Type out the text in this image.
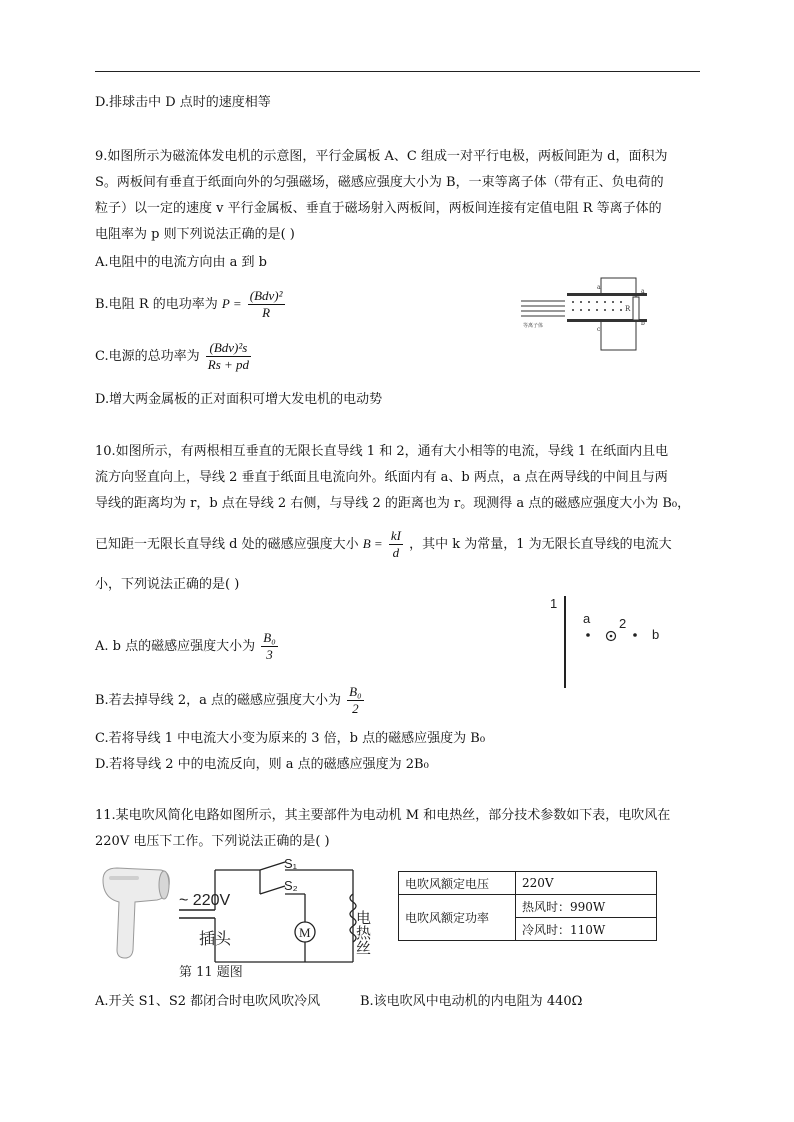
D.排球击中 D 点时的速度相等
9.如图所示为磁流体发电机的示意图，平行金属板 A、C 组成一对平行电极，两板间距为 d，面积为
S。两板间有垂直于纸面向外的匀强磁场，磁感应强度大小为 B，一束等离子体（带有正、负电荷的
粒子）以一定的速度 v 平行金属板、垂直于磁场射入两板间，两板间连接有定值电阻 R 等离子体的
电阻率为 p 则下列说法正确的是( )
A.电阻中的电流方向由 a 到 b
B.电阻 R 的电功率为 $P = \frac{\text{(Bdv)²}}{R}$
C.电源的总功率为 $\frac{\text{(Bdv)²s}}{Rs + pd}$
D.增大两金属板的正对面积可增大发电机的电动势
a
c
R
a
b
等离子体
10.如图所示，有两根相互垂直的无限长直导线 1 和 2，通有大小相等的电流，导线 1 在纸面内且电
流方向竖直向上，导线 2 垂直于纸面且电流向外。纸面内有 a、b 两点，a 点在两导线的中间且与两
导线的距离均为 r，b 点在导线 2 右侧，与导线 2 的距离也为 r。现测得 a 点的磁感应强度大小为 B₀，
已知距一无限长直导线 d 处的磁感应强度大小 $B = \frac{kI}{d}$ ，其中 k 为常量，1 为无限长直导线的电流大
小，下列说法正确的是( )
A. b 点的磁感应强度大小为 $\frac{\text{B₀}}{3}$
B.若去掉导线 2，a 点的磁感应强度大小为 $\frac{\text{B₀}}{2}$
C.若将导线 1 中电流大小变为原来的 3 倍，b 点的磁感应强度为 B₀
D.若将导线 2 中的电流反向，则 a 点的磁感应强度为 2B₀
1
a 2
b
11.某电吹风简化电路如图所示，其主要部件为电动机 M 和电热丝，部分技术参数如下表，电吹风在
220V 电压下工作。下列说法正确的是( )
~ 220V
插头	M
S₁
S₂
电热丝
第 11 题图
电吹风额定电压	220V
电吹风额定功率	热风时：990W
	冷风时：110W
A.开关 S1、S2 都闭合时电吹风吹冷风	B.该电吹风中电动机的内电阻为 440Ω
